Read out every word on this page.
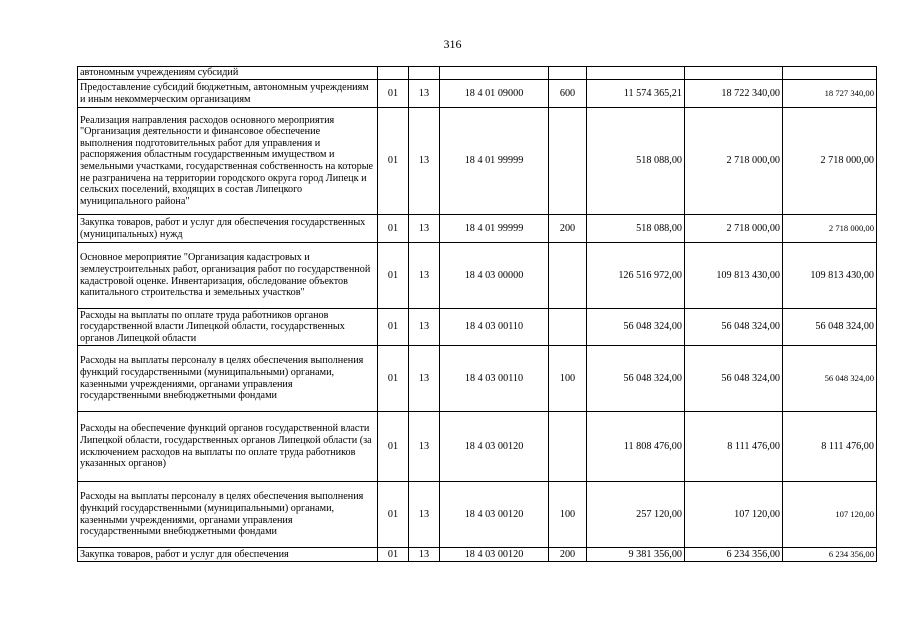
316
автономным учреждениям субсидий							
Предоставление субсидий бюджетным, автономным учреждениям и иным некоммерческим организациям	01	13	18 4 01 09000	600	11 574 365,21	18 722 340,00	18 727 340,00
Реализация направления расходов основного мероприятия "Организация деятельности и финансовое обеспечение выполнения подготовительных работ для управления и распоряжения областным государственным имуществом и земельными участками, государственная собственность на которые не разграничена на территории городского округа город Липецк и сельских поселений, входящих в состав Липецкого муниципального района"	01	13	18 4 01 99999		518 088,00	2 718 000,00	2 718 000,00
Закупка товаров, работ и услуг для обеспечения государственных (муниципальных) нужд	01	13	18 4 01 99999	200	518 088,00	2 718 000,00	2 718 000,00
Основное мероприятие "Организация кадастровых и землеустроительных работ, организация работ по государственной кадастровой оценке. Инвентаризация, обследование объектов капитального строительства и земельных участков"	01	13	18 4 03 00000		126 516 972,00	109 813 430,00	109 813 430,00
Расходы на выплаты по оплате труда работников органов государственной власти Липецкой области, государственных органов Липецкой области	01	13	18 4 03 00110		56 048 324,00	56 048 324,00	56 048 324,00
Расходы на выплаты персоналу в целях обеспечения выполнения функций государственными (муниципальными) органами, казенными учреждениями, органами управления государственными внебюджетными фондами	01	13	18 4 03 00110	100	56 048 324,00	56 048 324,00	56 048 324,00
Расходы на обеспечение функций органов государственной власти Липецкой области, государственных органов Липецкой области (за исключением расходов на выплаты по оплате труда работников указанных органов)	01	13	18 4 03 00120		11 808 476,00	8 111 476,00	8 111 476,00
Расходы на выплаты персоналу в целях обеспечения выполнения функций государственными (муниципальными) органами, казенными учреждениями, органами управления государственными внебюджетными фондами	01	13	18 4 03 00120	100	257 120,00	107 120,00	107 120,00
Закупка товаров, работ и услуг для обеспечения	01	13	18 4 03 00120	200	9 381 356,00	6 234 356,00	6 234 356,00
